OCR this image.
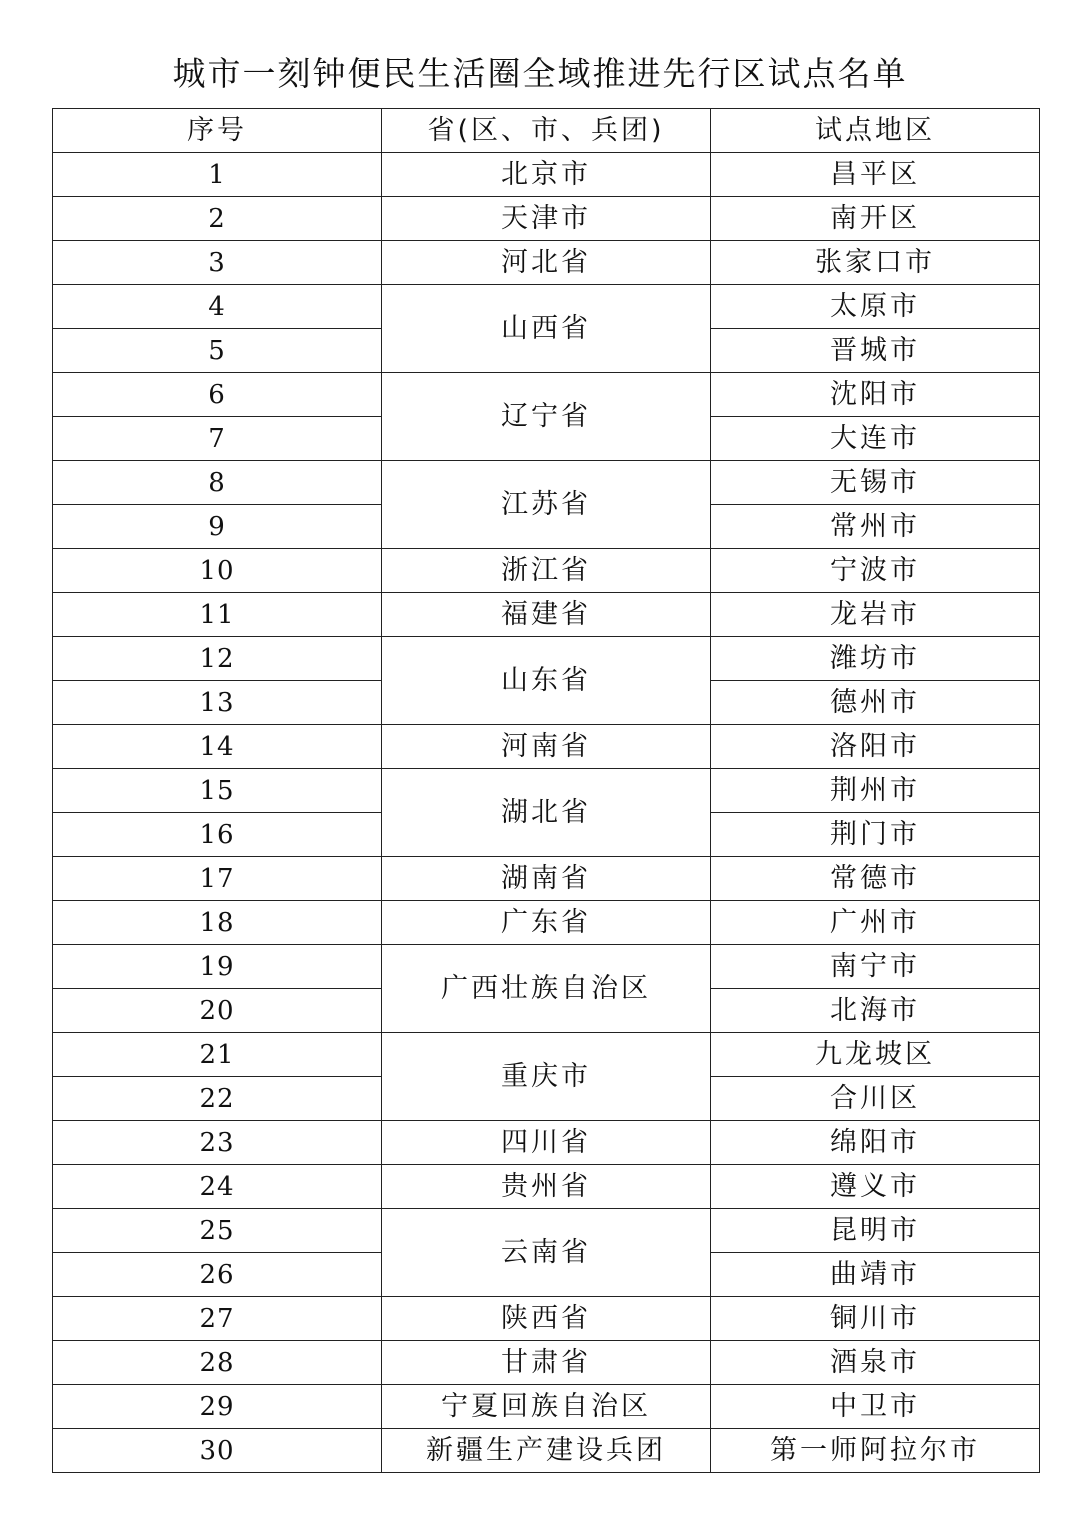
城市一刻钟便民生活圈全域推进先行区试点名单
序号	省(区、市、兵团)	试点地区
1	北京市	昌平区
2	天津市	南开区
3	河北省	张家口市
4	山西省	太原市
5		晋城市
6	辽宁省	沈阳市
7		大连市
8	江苏省	无锡市
9		常州市
10	浙江省	宁波市
11	福建省	龙岩市
12	山东省	潍坊市
13		德州市
14	河南省	洛阳市
15	湖北省	荆州市
16		荆门市
17	湖南省	常德市
18	广东省	广州市
19	广西壮族自治区	南宁市
20		北海市
21	重庆市	九龙坡区
22		合川区
23	四川省	绵阳市
24	贵州省	遵义市
25	云南省	昆明市
26		曲靖市
27	陕西省	铜川市
28	甘肃省	酒泉市
29	宁夏回族自治区	中卫市
30	新疆生产建设兵团	第一师阿拉尔市
